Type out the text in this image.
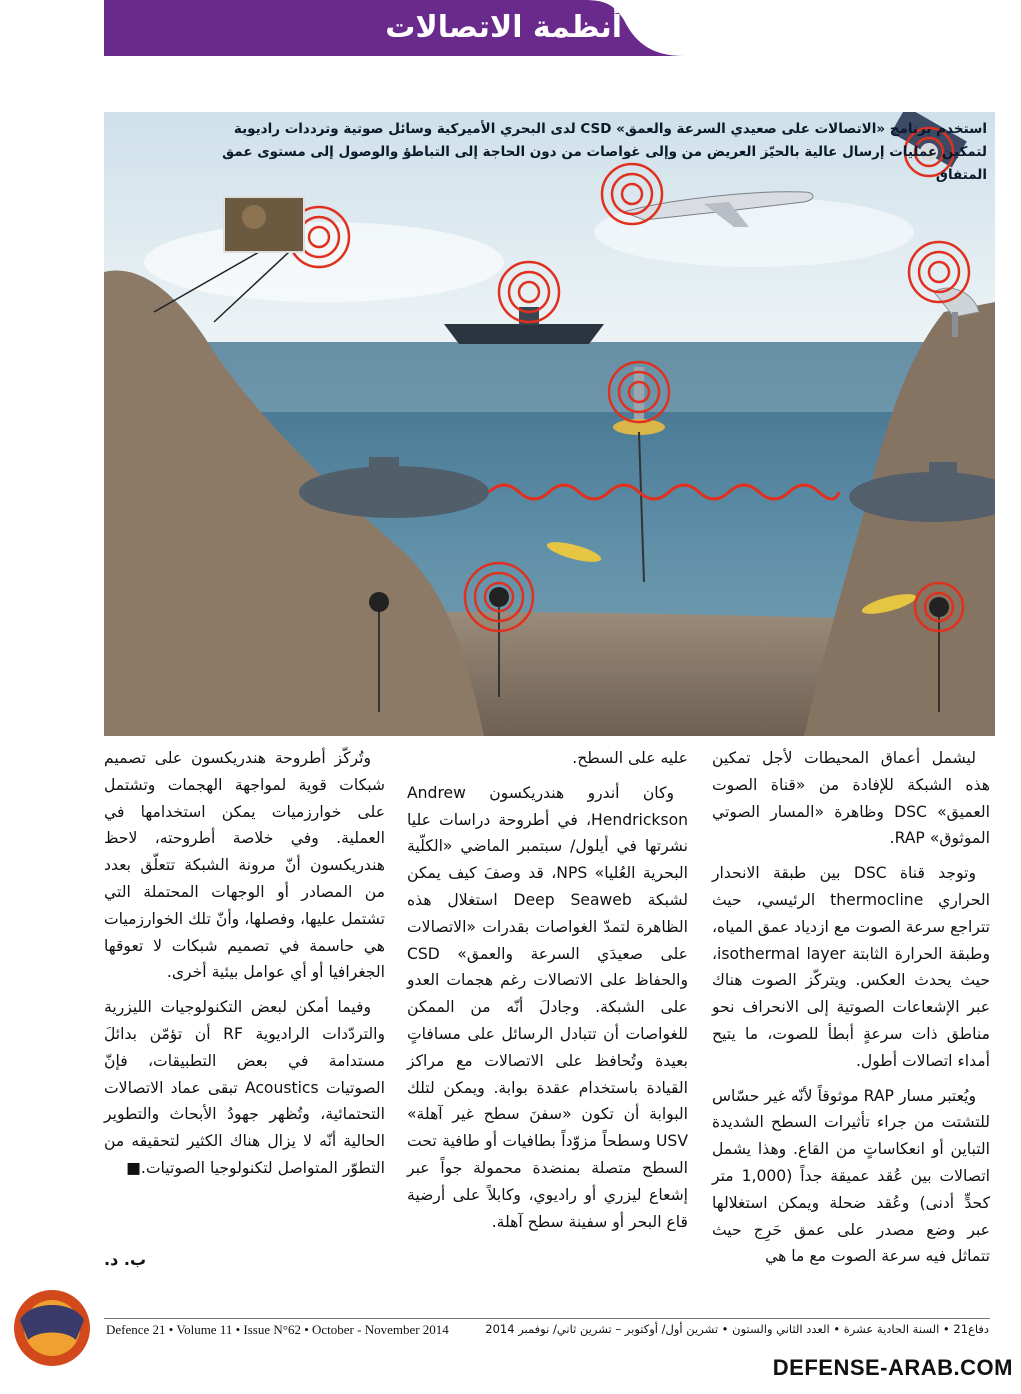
أنظمة الاتصالات
استخدم برنامج «الاتصالات على صعيدي السرعة والعمق» CSD لدى البحري الأميركية وسائل صوتية وترددات راديوية لتمكين عمليات إرسال عالية بالحيّز العريض من وإلى غواصات من دون الحاجة إلى التباطؤ والوصول إلى مستوى عمق المتفاق

ليشمل أعماق المحيطات لأجل تمكين هذه الشبكة للإفادة من «قناة الصوت العميق» DSC وظاهرة «المسار الصوتي الموثوق» RAP.

وتوجد قناة DSC بين طبقة الانحدار الحراري thermocline الرئيسي، حيث تتراجع سرعة الصوت مع ازدياد عمق المياه، وطبقة الحرارة الثابتة isothermal layer، حيث يحدث العكس. ويتركّز الصوت هناك عبر الإشعاعات الصوتية إلى الانحراف نحو مناطق ذات سرعةٍ أبطأ للصوت، ما يتيح أمداء اتصالات أطول.

ويُعتبر مسار RAP موثوقاً لأنّه غير حسّاس للتشتت من جراء تأثيرات السطح الشديدة التباين أو انعكاساتٍ من القاع. وهذا يشمل اتصالات بين عُقد عميقة جداً (1,000 متر كحدٍّ أدنى) وعُقد ضحلة ويمكن استغلالها عبر وضع مصدر على عمق حَرِج حيث تتماثل فيه سرعة الصوت مع ما هي

عليه على السطح.

وكان أندرو هندريكسون Andrew Hendrickson، في أطروحة دراسات عليا نشرتها في أيلول/ سبتمبر الماضي «الكلّية البحرية العُليا» NPS، قد وصفَ كيف يمكن لشبكة Deep Seaweb استغلال هذه الظاهرة لتمدّ الغواصات بقدرات «الاتصالات على صعيدَي السرعة والعمق» CSD والحفاظ على الاتصالات رغم هجمات العدو على الشبكة. وجادلَ أنّه من الممكن للغواصات أن تتبادل الرسائل على مسافاتٍ بعيدة وتُحافظ على الاتصالات مع مراكز القيادة باستخدام عقدة بوابة. ويمكن لتلك البوابة أن تكون «سفنَ سطح غير آهلة» USV وسطحاً مزوّداً بطافيات أو طافية تحت السطح متصلة بمنضدة محمولة جواً عبر إشعاع ليزري أو راديوي، وكابلاً على أرضية قاع البحر أو سفينة سطح آهلة.

وتُركّز أطروحة هندريكسون على تصميم شبكات قوية لمواجهة الهجمات وتشتمل على خوارزميات يمكن استخدامها في العملية. وفي خلاصة أطروحته، لاحظ هندريكسون أنّ مرونة الشبكة تتعلّق بعدد من المصادر أو الوجهات المحتملة التي تشتمل عليها، وفصلها، وأنّ تلك الخوارزميات هي حاسمة في تصميم شبكات لا تعوقها الجغرافيا أو أي عوامل بيئية أخرى.

وفيما أمكن لبعض التكنولوجيات الليزرية والتردّدات الراديوية RF أن تؤمّن بدائلَ مستدامة في بعض التطبيقات، فإنّ الصوتيات Acoustics تبقى عماد الاتصالات التحتمائية، وتُظهر جهودُ الأبحاث والتطوير الحالية أنّه لا يزال هناك الكثير لتحقيقه من التطوّر المتواصل لتكنولوجيا الصوتيات.■

ب. د.
Defence 21 • Volume 11 • Issue N°62 • October - November 2014	دفاع21 • السنة الحادية عشرة • العدد الثاني والستون • تشرين أول/ أوكتوبر – تشرين ثاني/ نوفمبر 2014
DEFENSE-ARAB.COM
